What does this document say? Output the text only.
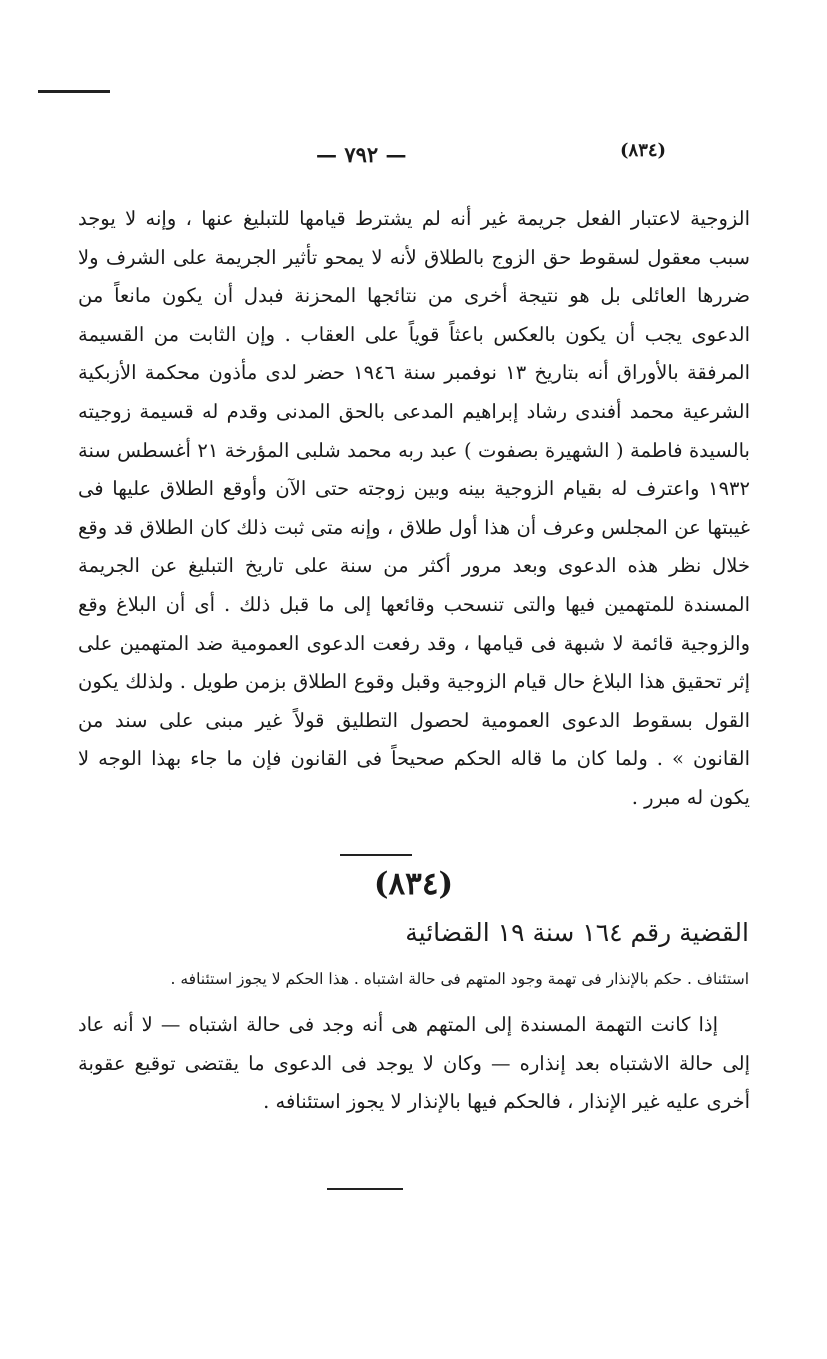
— ٧٩٢ —	(٨٣٤)

الزوجية لاعتبار الفعل جريمة غير أنه لم يشترط قيامها للتبليغ عنها ، وإنه لا يوجد سبب معقول لسقوط حق الزوج بالطلاق لأنه لا يمحو تأثير الجريمة على الشرف ولا ضررها العائلى بل هو نتيجة أخرى من نتائجها المحزنة فبدل أن يكون مانعاً من الدعوى يجب أن يكون بالعكس باعثاً قوياً على العقاب . وإن الثابت من القسيمة المرفقة بالأوراق أنه بتاريخ ١٣ نوفمبر سنة ١٩٤٦ حضر لدى مأذون محكمة الأزبكية الشرعية محمد أفندى رشاد إبراهيم المدعى بالحق المدنى وقدم له قسيمة زوجيته بالسيدة فاطمة ( الشهيرة بصفوت ) عبد ربه محمد شلبى المؤرخة ٢١ أغسطس سنة ١٩٣٢ واعترف له بقيام الزوجية بينه وبين زوجته حتى الآن وأوقع الطلاق عليها فى غيبتها عن المجلس وعرف أن هذا أول طلاق ، وإنه متى ثبت ذلك كان الطلاق قد وقع خلال نظر هذه الدعوى وبعد مرور أكثر من سنة على تاريخ التبليغ عن الجريمة المسندة للمتهمين فيها والتى تنسحب وقائعها إلى ما قبل ذلك . أى أن البلاغ وقع والزوجية قائمة لا شبهة فى قيامها ، وقد رفعت الدعوى العمومية ضد المتهمين على إثر تحقيق هذا البلاغ حال قيام الزوجية وقبل وقوع الطلاق بزمن طويل . ولذلك يكون القول بسقوط الدعوى العمومية لحصول التطليق قولاً غير مبنى على سند من القانون » . ولما كان ما قاله الحكم صحيحاً فى القانون فإن ما جاء بهذا الوجه لا يكون له مبرر .

(٨٣٤)
القضية رقم ١٦٤ سنة ١٩ القضائية
استئناف . حكم بالإنذار فى تهمة وجود المتهم فى حالة اشتباه . هذا الحكم لا يجوز استئنافه .

إذا كانت التهمة المسندة إلى المتهم هى أنه وجد فى حالة اشتباه — لا أنه عاد إلى حالة الاشتباه بعد إنذاره — وكان لا يوجد فى الدعوى ما يقتضى توقيع عقوبة أخرى عليه غير الإنذار ، فالحكم فيها بالإنذار لا يجوز استئنافه .
